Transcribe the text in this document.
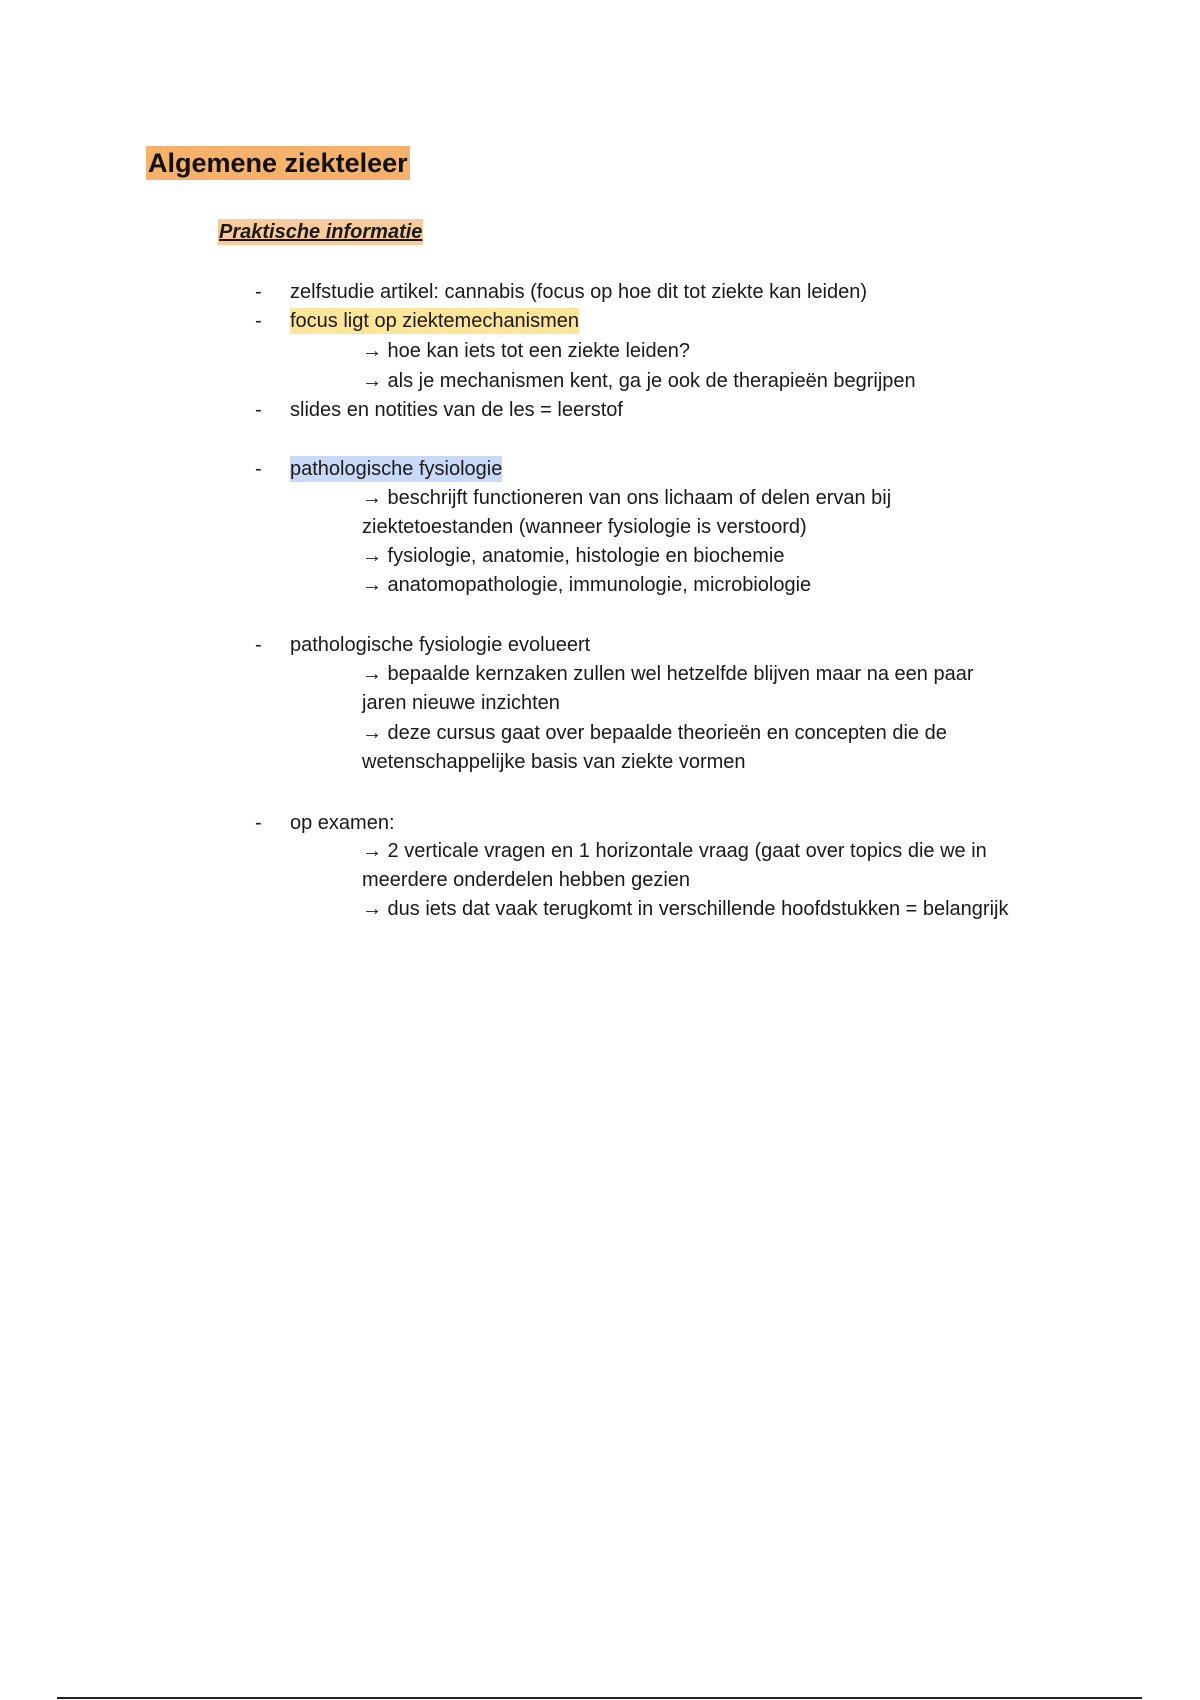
Algemene ziekteleer
Praktische informatie
-
-
-
-
-
-
zelfstudie artikel: cannabis (focus op hoe dit tot ziekte kan leiden)
focus ligt op ziektemechanismen
→ hoe kan iets tot een ziekte leiden?
→ als je mechanismen kent, ga je ook de therapieën begrijpen
slides en notities van de les = leerstof
pathologische fysiologie
→ beschrijft functioneren van ons lichaam of delen ervan bij
ziektetoestanden (wanneer fysiologie is verstoord)
→ fysiologie, anatomie, histologie en biochemie
→ anatomopathologie, immunologie, microbiologie
pathologische fysiologie evolueert
→ bepaalde kernzaken zullen wel hetzelfde blijven maar na een paar
jaren nieuwe inzichten
→ deze cursus gaat over bepaalde theorieën en concepten die de
wetenschappelijke basis van ziekte vormen
op examen:
→ 2 verticale vragen en 1 horizontale vraag (gaat over topics die we in
meerdere onderdelen hebben gezien
→ dus iets dat vaak terugkomt in verschillende hoofdstukken = belangrijk
